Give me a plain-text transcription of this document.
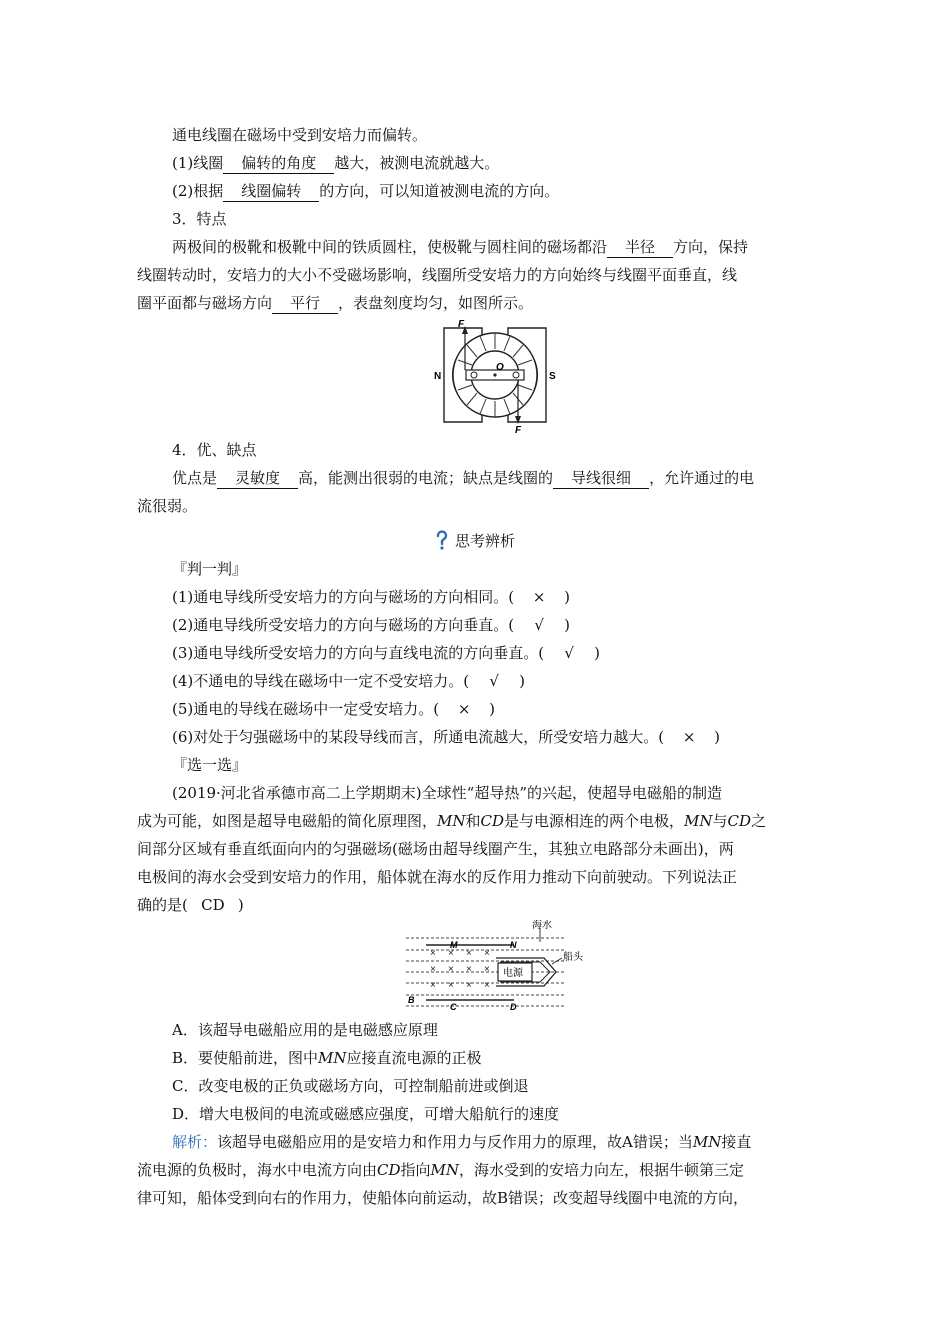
通电线圈在磁场中受到安培力而偏转。
(1)线圈 偏转的角度 越大，被测电流就越大。
(2)根据 线圈偏转 的方向，可以知道被测电流的方向。
3．特点
两极间的极靴和极靴中间的铁质圆柱，使极靴与圆柱间的磁场都沿 半径 方向，保持
线圈转动时，安培力的大小不受磁场影响，线圈所受安培力的方向始终与线圈平面垂直，线
圈平面都与磁场方向 平行 ，表盘刻度均匀，如图所示。
F
F
N	S
O
4．优、缺点
优点是 灵敏度 高，能测出很弱的电流；缺点是线圈的 导线很细 ，允许通过的电
流很弱。
思考辨析
『判一判』
(1)通电导线所受安培力的方向与磁场的方向相同。( × )
(2)通电导线所受安培力的方向与磁场的方向垂直。( √ )
(3)通电导线所受安培力的方向与直线电流的方向垂直。( √ )
(4)不通电的导线在磁场中一定不受安培力。( √ )
(5)通电的导线在磁场中一定受安培力。( × )
(6)对处于匀强磁场中的某段导线而言，所通电流越大，所受安培力越大。( × )
『选一选』
(2019·河北省承德市高二上学期期末)全球性“超导热”的兴起，使超导电磁船的制造
成为可能，如图是超导电磁船的简化原理图，MN和CD是与电源相连的两个电极，MN与CD之
间部分区域有垂直纸面向内的匀强磁场(磁场由超导线圈产生，其独立电路部分未画出)，两
电极间的海水会受到安培力的作用，船体就在海水的反作用力推动下向前驶动。下列说法正
确的是( CD )
× × × ×
× × × ×
× × × ×
电源
海水
船头
M	N
B
C	D
A．该超导电磁船应用的是电磁感应原理
B．要使船前进，图中MN应接直流电源的正极
C．改变电极的正负或磁场方向，可控制船前进或倒退
D．增大电极间的电流或磁感应强度，可增大船航行的速度
解析：该超导电磁船应用的是安培力和作用力与反作用力的原理，故A错误；当MN接直
流电源的负极时，海水中电流方向由CD指向MN，海水受到的安培力向左，根据牛顿第三定
律可知，船体受到向右的作用力，使船体向前运动，故B错误；改变超导线圈中电流的方向，
